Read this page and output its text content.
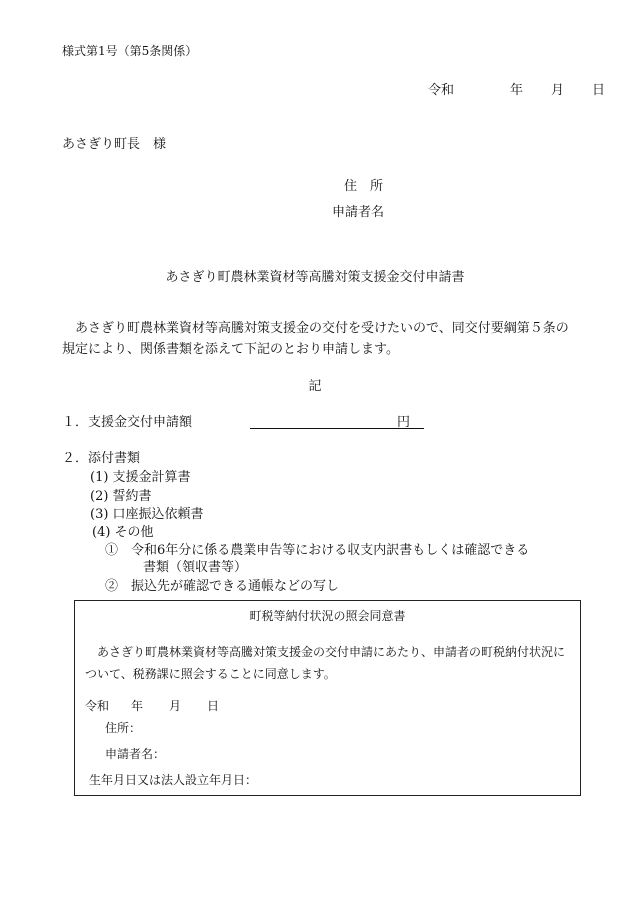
様式第1号（第5条関係）
令和	年 月 日
あさぎり町長　様
住　所
申請者名
あさぎり町農林業資材等高騰対策支援金交付申請書
　あさぎり町農林業資材等高騰対策支援金の交付を受けたいので、同交付要綱第５条の
規定により、関係書類を添えて下記のとおり申請します。
記
１．支援金交付申請額	円
２．添付書類
(1) 支援金計算書
(2) 誓約書
(3) 口座振込依頼書
(4) その他
①　令和6年分に係る農業申告等における収支内訳書もしくは確認できる
書類（領収書等）
②　振込先が確認できる通帳などの写し
町税等納付状況の照会同意書
　あさぎり町農林業資材等高騰対策支援金の交付申請にあたり、申請者の町税納付状況に
ついて、税務課に照会することに同意します。
令和 年 月 日
住所：
申請者名：
生年月日又は法人設立年月日：
